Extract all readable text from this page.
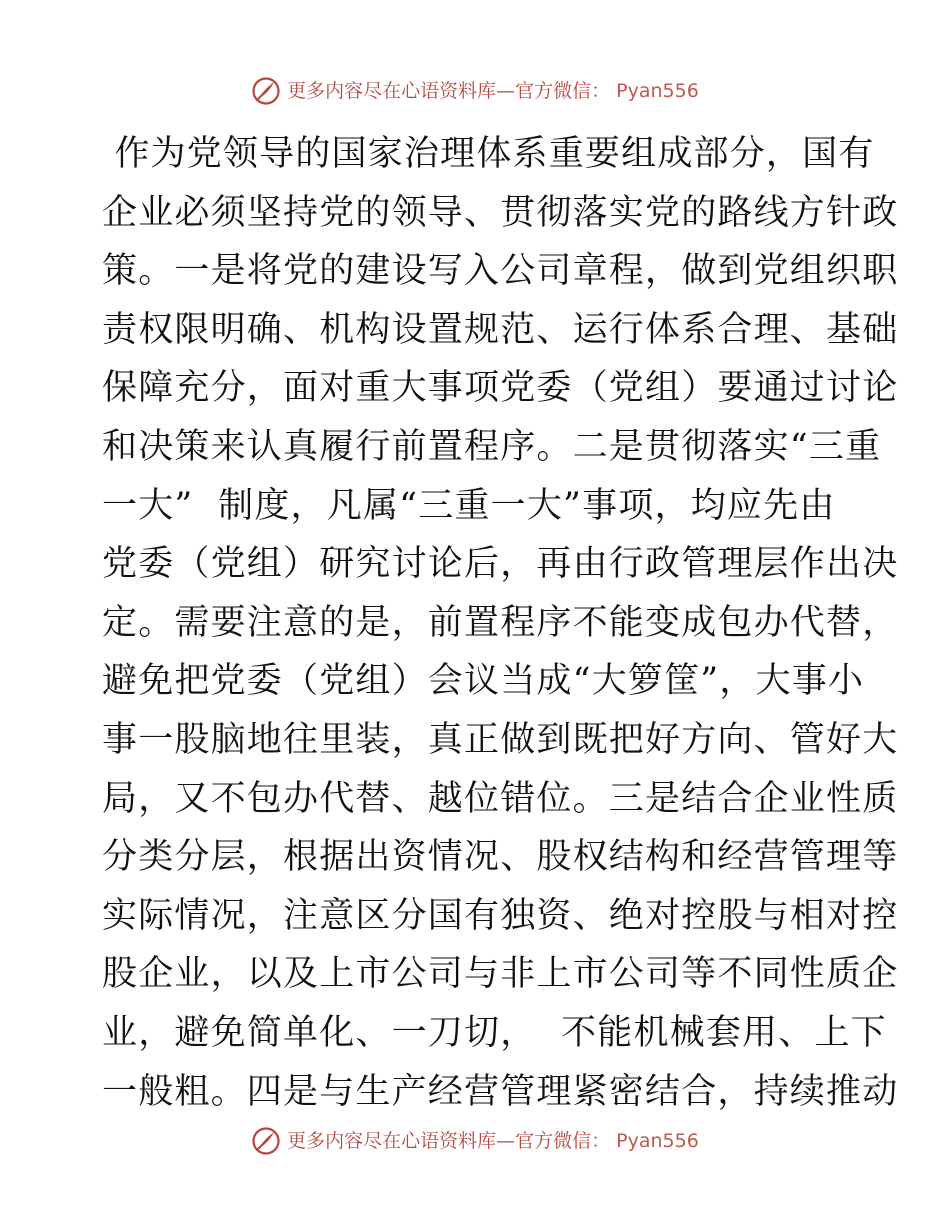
更多内容尽在心语资料库—官方微信： Pyan556
作为党领导的国家治理体系重要组成部分，国有
企业必须坚持党的领导、贯彻落实党的路线方针政
策。一是将党的建设写入公司章程，做到党组织职
责权限明确、机构设置规范、运行体系合理、基础
保障充分，面对重大事项党委（党组）要通过讨论
和决策来认真履行前置程序。二是贯彻落实“三重
一大”  制度，凡属“三重一大”事项，均应先由
党委（党组）研究讨论后，再由行政管理层作出决
定。需要注意的是，前置程序不能变成包办代替，
避免把党委（党组）会议当成“大箩筐”，大事小
事一股脑地往里装，真正做到既把好方向、管好大
局，又不包办代替、越位错位。三是结合企业性质
分类分层，根据出资情况、股权结构和经营管理等
实际情况，注意区分国有独资、绝对控股与相对控
股企业，以及上市公司与非上市公司等不同性质企
业，避免简单化、一刀切，  不能机械套用、上下
一般粗。四是与生产经营管理紧密结合，持续推动
更多内容尽在心语资料库—官方微信： Pyan556
